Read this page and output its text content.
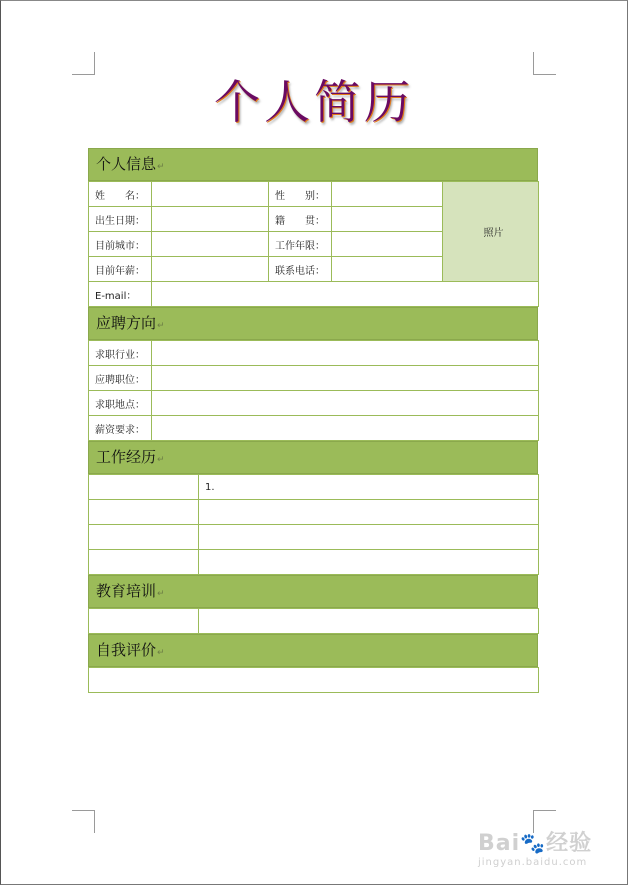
个人简历
个人信息↵
姓 名：		性 别：		照片
出生日期：		籍 贯：		

目前城市：		工作年限：		
目前年薪：		联系电话：		
E-mail：				
应聘方向↵
求职行业：	
应聘职位：	
求职地点：	
薪资要求：	
工作经历↵
	1.

教育培训↵

自我评价↵
Bai🐾经验
jingyan.baidu.com
